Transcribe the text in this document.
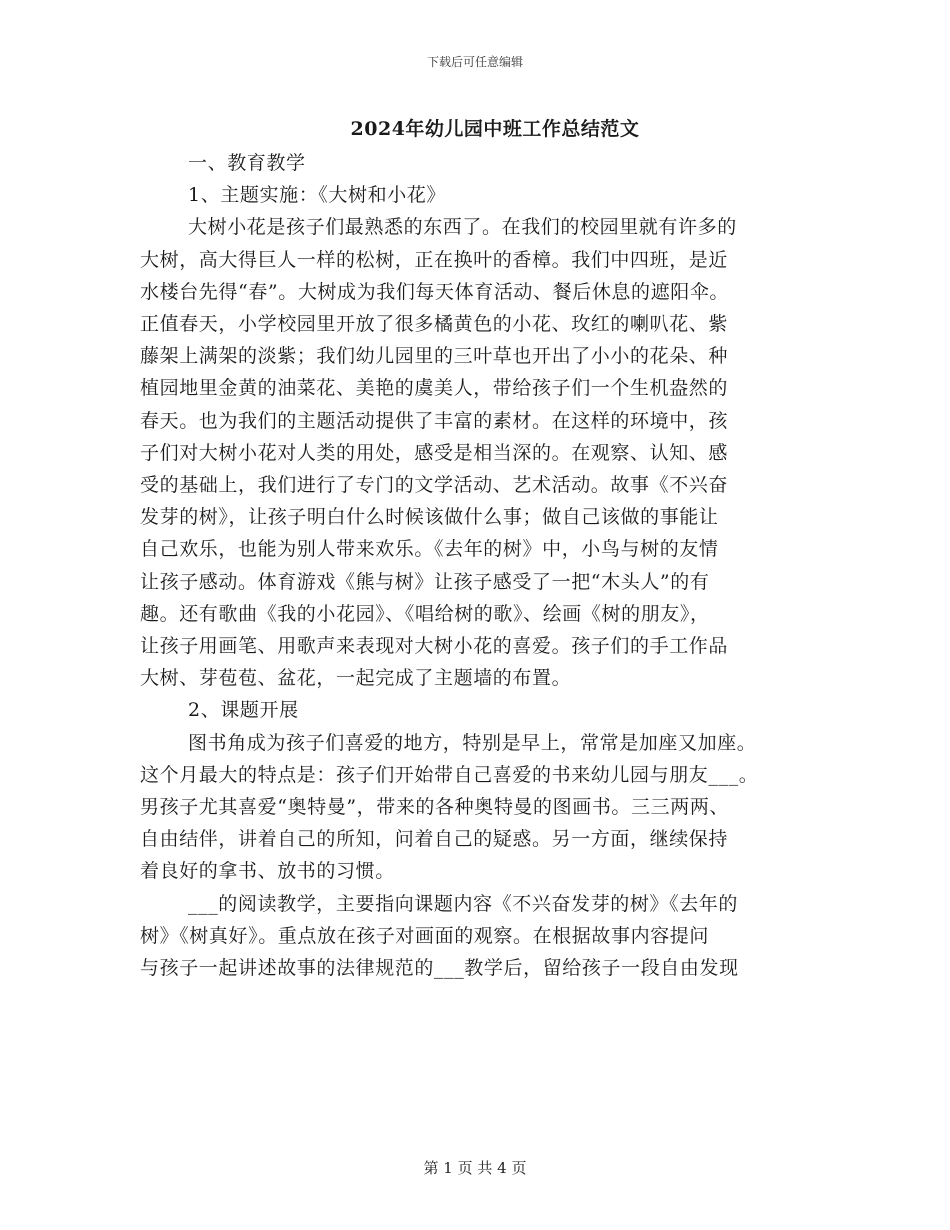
下载后可任意编辑
2024年幼儿园中班工作总结范文

一、教育教学

1、主题实施：《大树和小花》

大树小花是孩子们最熟悉的东西了。在我们的校园里就有许多的
大树，高大得巨人一样的松树，正在换叶的香樟。我们中四班，是近
水楼台先得“春”。大树成为我们每天体育活动、餐后休息的遮阳伞。
正值春天，小学校园里开放了很多橘黄色的小花、玫红的喇叭花、紫
藤架上满架的淡紫；我们幼儿园里的三叶草也开出了小小的花朵、种
植园地里金黄的油菜花、美艳的虞美人，带给孩子们一个生机盎然的
春天。也为我们的主题活动提供了丰富的素材。在这样的环境中，孩
子们对大树小花对人类的用处，感受是相当深的。在观察、认知、感
受的基础上，我们进行了专门的文学活动、艺术活动。故事《不兴奋
发芽的树》，让孩子明白什么时候该做什么事；做自己该做的事能让
自己欢乐，也能为别人带来欢乐。《去年的树》中，小鸟与树的友情
让孩子感动。体育游戏《熊与树》让孩子感受了一把“木头人”的有
趣。还有歌曲《我的小花园》、《唱给树的歌》、绘画《树的朋友》，
让孩子用画笔、用歌声来表现对大树小花的喜爱。孩子们的手工作品
大树、芽苞苞、盆花，一起完成了主题墙的布置。

2、课题开展

图书角成为孩子们喜爱的地方，特别是早上，常常是加座又加座。
这个月最大的特点是：孩子们开始带自己喜爱的书来幼儿园与朋友___。
男孩子尤其喜爱“奥特曼”，带来的各种奥特曼的图画书。三三两两、
自由结伴，讲着自己的所知，问着自己的疑惑。另一方面，继续保持
着良好的拿书、放书的习惯。

___的阅读教学，主要指向课题内容《不兴奋发芽的树》《去年的
树》《树真好》。重点放在孩子对画面的观察。在根据故事内容提问
与孩子一起讲述故事的法律规范的___教学后，留给孩子一段自由发现

第 1 页 共 4 页
